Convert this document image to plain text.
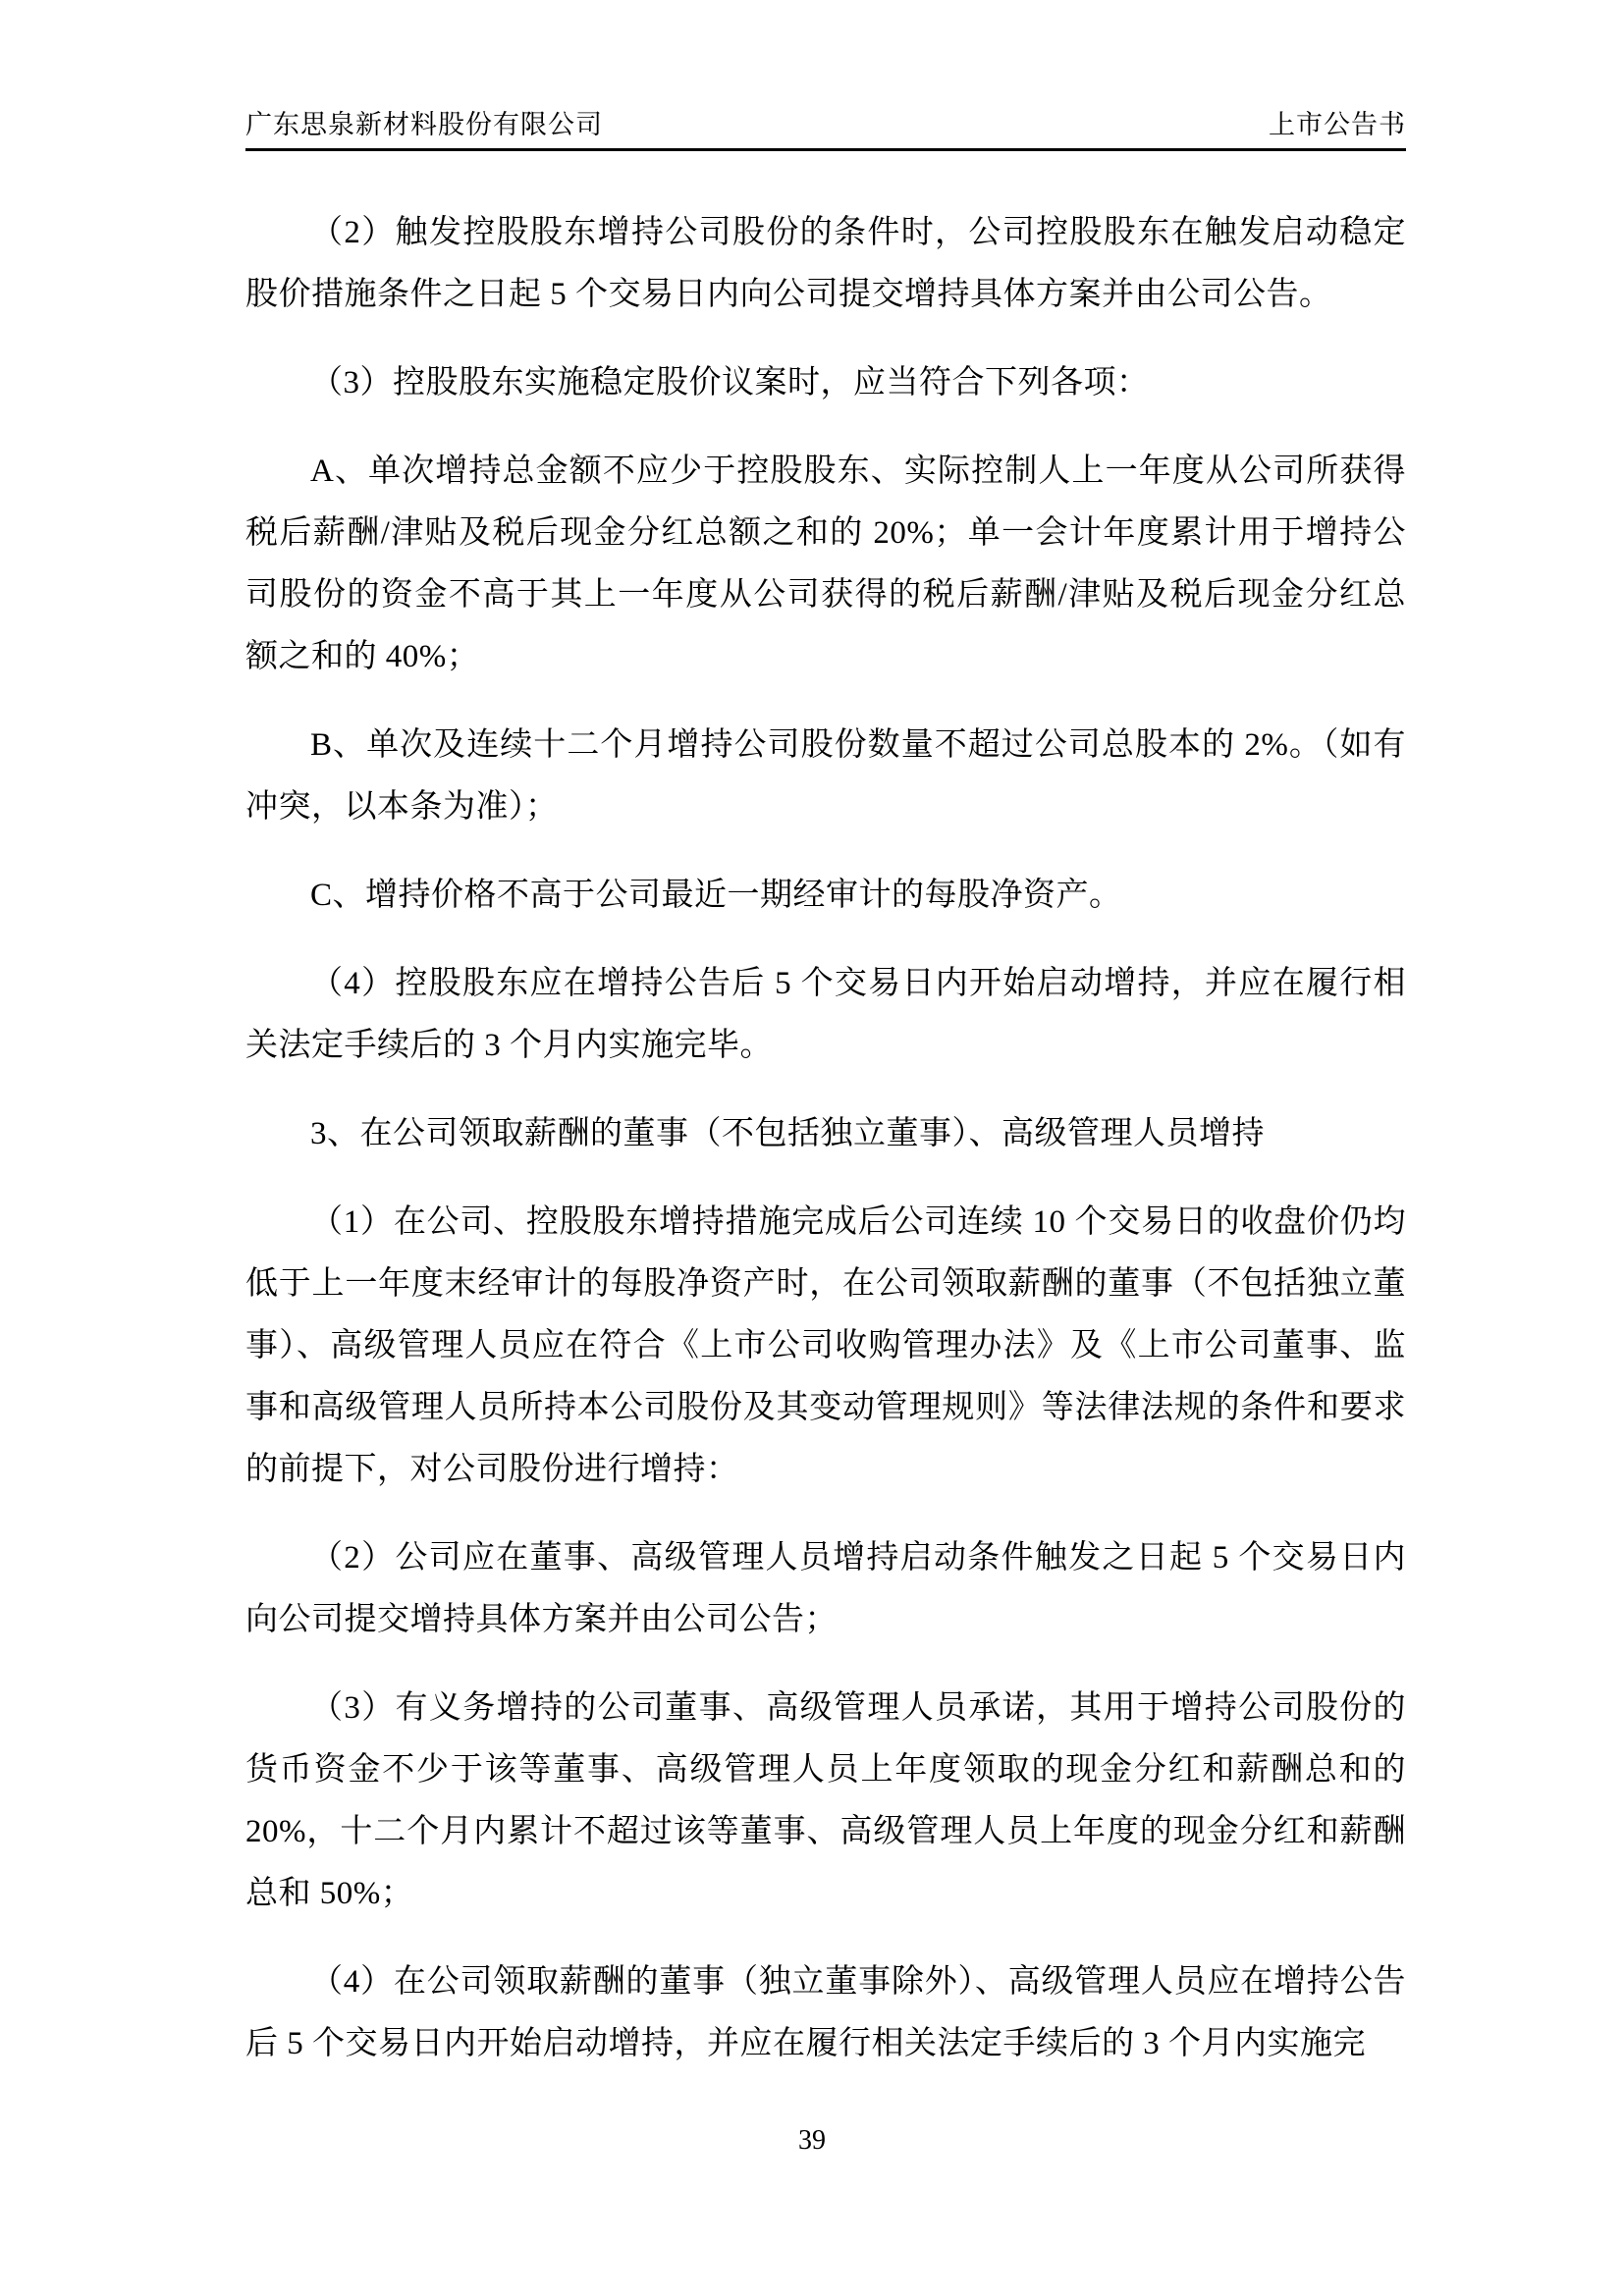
广东思泉新材料股份有限公司	上市公告书

（2）触发控股股东增持公司股份的条件时，公司控股股东在触发启动稳定股价措施条件之日起 5 个交易日内向公司提交增持具体方案并由公司公告。

（3）控股股东实施稳定股价议案时，应当符合下列各项：

A、单次增持总金额不应少于控股股东、实际控制人上一年度从公司所获得税后薪酬/津贴及税后现金分红总额之和的 20%；单一会计年度累计用于增持公司股份的资金不高于其上一年度从公司获得的税后薪酬/津贴及税后现金分红总额之和的 40%；

B、单次及连续十二个月增持公司股份数量不超过公司总股本的 2%。（如有冲突，以本条为准）；

C、增持价格不高于公司最近一期经审计的每股净资产。

（4）控股股东应在增持公告后 5 个交易日内开始启动增持，并应在履行相关法定手续后的 3 个月内实施完毕。

3、在公司领取薪酬的董事（不包括独立董事）、高级管理人员增持

（1）在公司、控股股东增持措施完成后公司连续 10 个交易日的收盘价仍均低于上一年度末经审计的每股净资产时，在公司领取薪酬的董事（不包括独立董事）、高级管理人员应在符合《上市公司收购管理办法》及《上市公司董事、监事和高级管理人员所持本公司股份及其变动管理规则》等法律法规的条件和要求的前提下，对公司股份进行增持：

（2）公司应在董事、高级管理人员增持启动条件触发之日起 5 个交易日内向公司提交增持具体方案并由公司公告；

（3）有义务增持的公司董事、高级管理人员承诺，其用于增持公司股份的货币资金不少于该等董事、高级管理人员上年度领取的现金分红和薪酬总和的 20%，十二个月内累计不超过该等董事、高级管理人员上年度的现金分红和薪酬总和 50%；

（4）在公司领取薪酬的董事（独立董事除外）、高级管理人员应在增持公告后 5 个交易日内开始启动增持，并应在履行相关法定手续后的 3 个月内实施完

39
